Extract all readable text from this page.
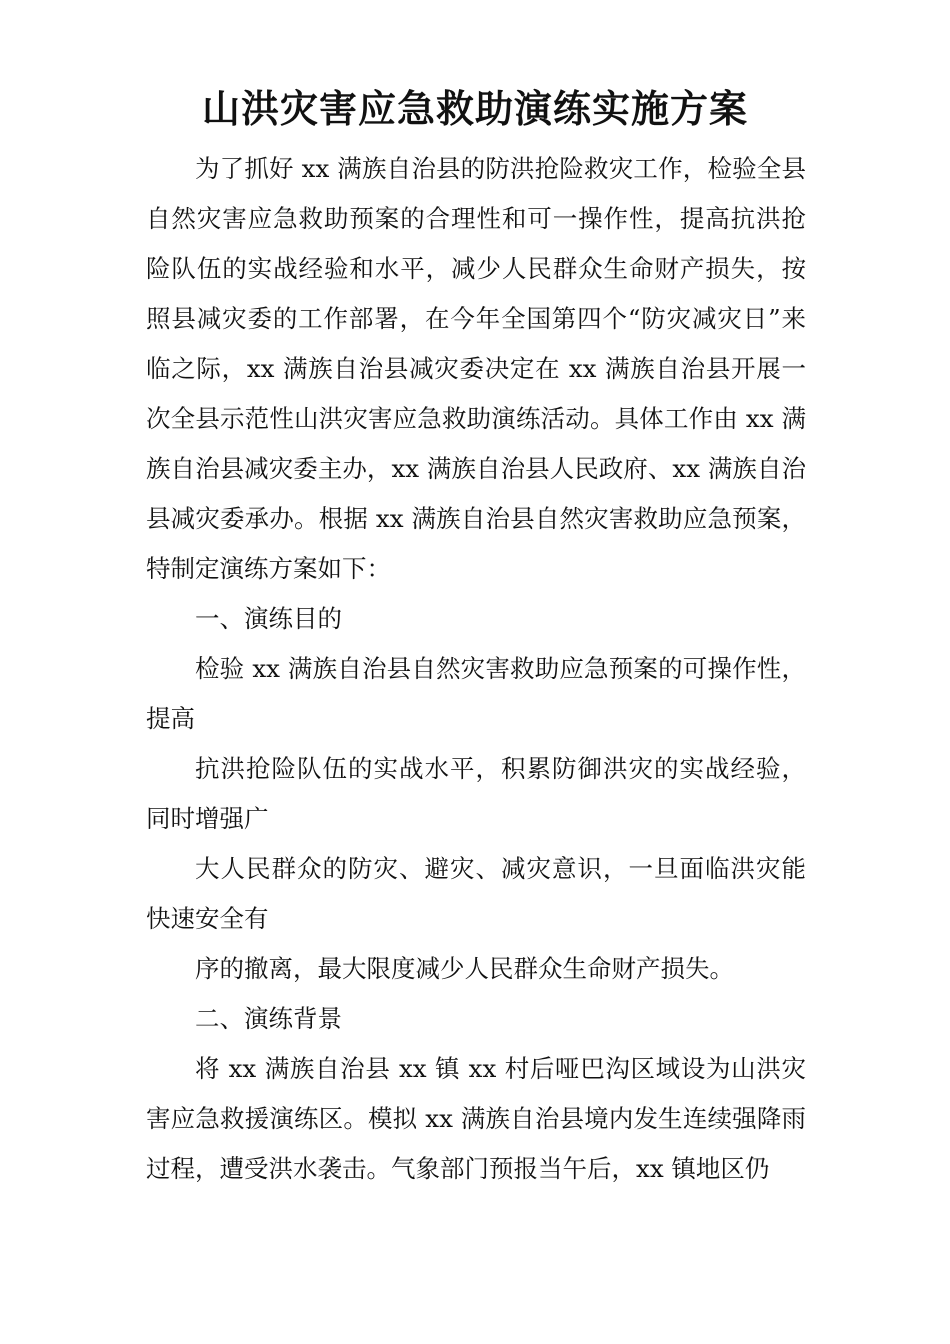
山洪灾害应急救助演练实施方案

为了抓好 xx 满族自治县的防洪抢险救灾工作，检验全县自然灾害应急救助预案的合理性和可一操作性，提高抗洪抢险队伍的实战经验和水平，减少人民群众生命财产损失，按照县减灾委的工作部署，在今年全国第四个“防灾减灾日”来临之际，xx 满族自治县减灾委决定在 xx 满族自治县开展一次全县示范性山洪灾害应急救助演练活动。具体工作由 xx 满族自治县减灾委主办，xx 满族自治县人民政府、xx 满族自治县减灾委承办。根据 xx 满族自治县自然灾害救助应急预案，特制定演练方案如下：

一、演练目的

检验 xx 满族自治县自然灾害救助应急预案的可操作性，提高

抗洪抢险队伍的实战水平，积累防御洪灾的实战经验，同时增强广

大人民群众的防灾、避灾、减灾意识，一旦面临洪灾能快速安全有

序的撤离，最大限度减少人民群众生命财产损失。

二、演练背景

将 xx 满族自治县 xx 镇 xx 村后哑巴沟区域设为山洪灾害应急救援演练区。模拟 xx 满族自治县境内发生连续强降雨过程，遭受洪水袭击。气象部门预报当午后，xx 镇地区仍
